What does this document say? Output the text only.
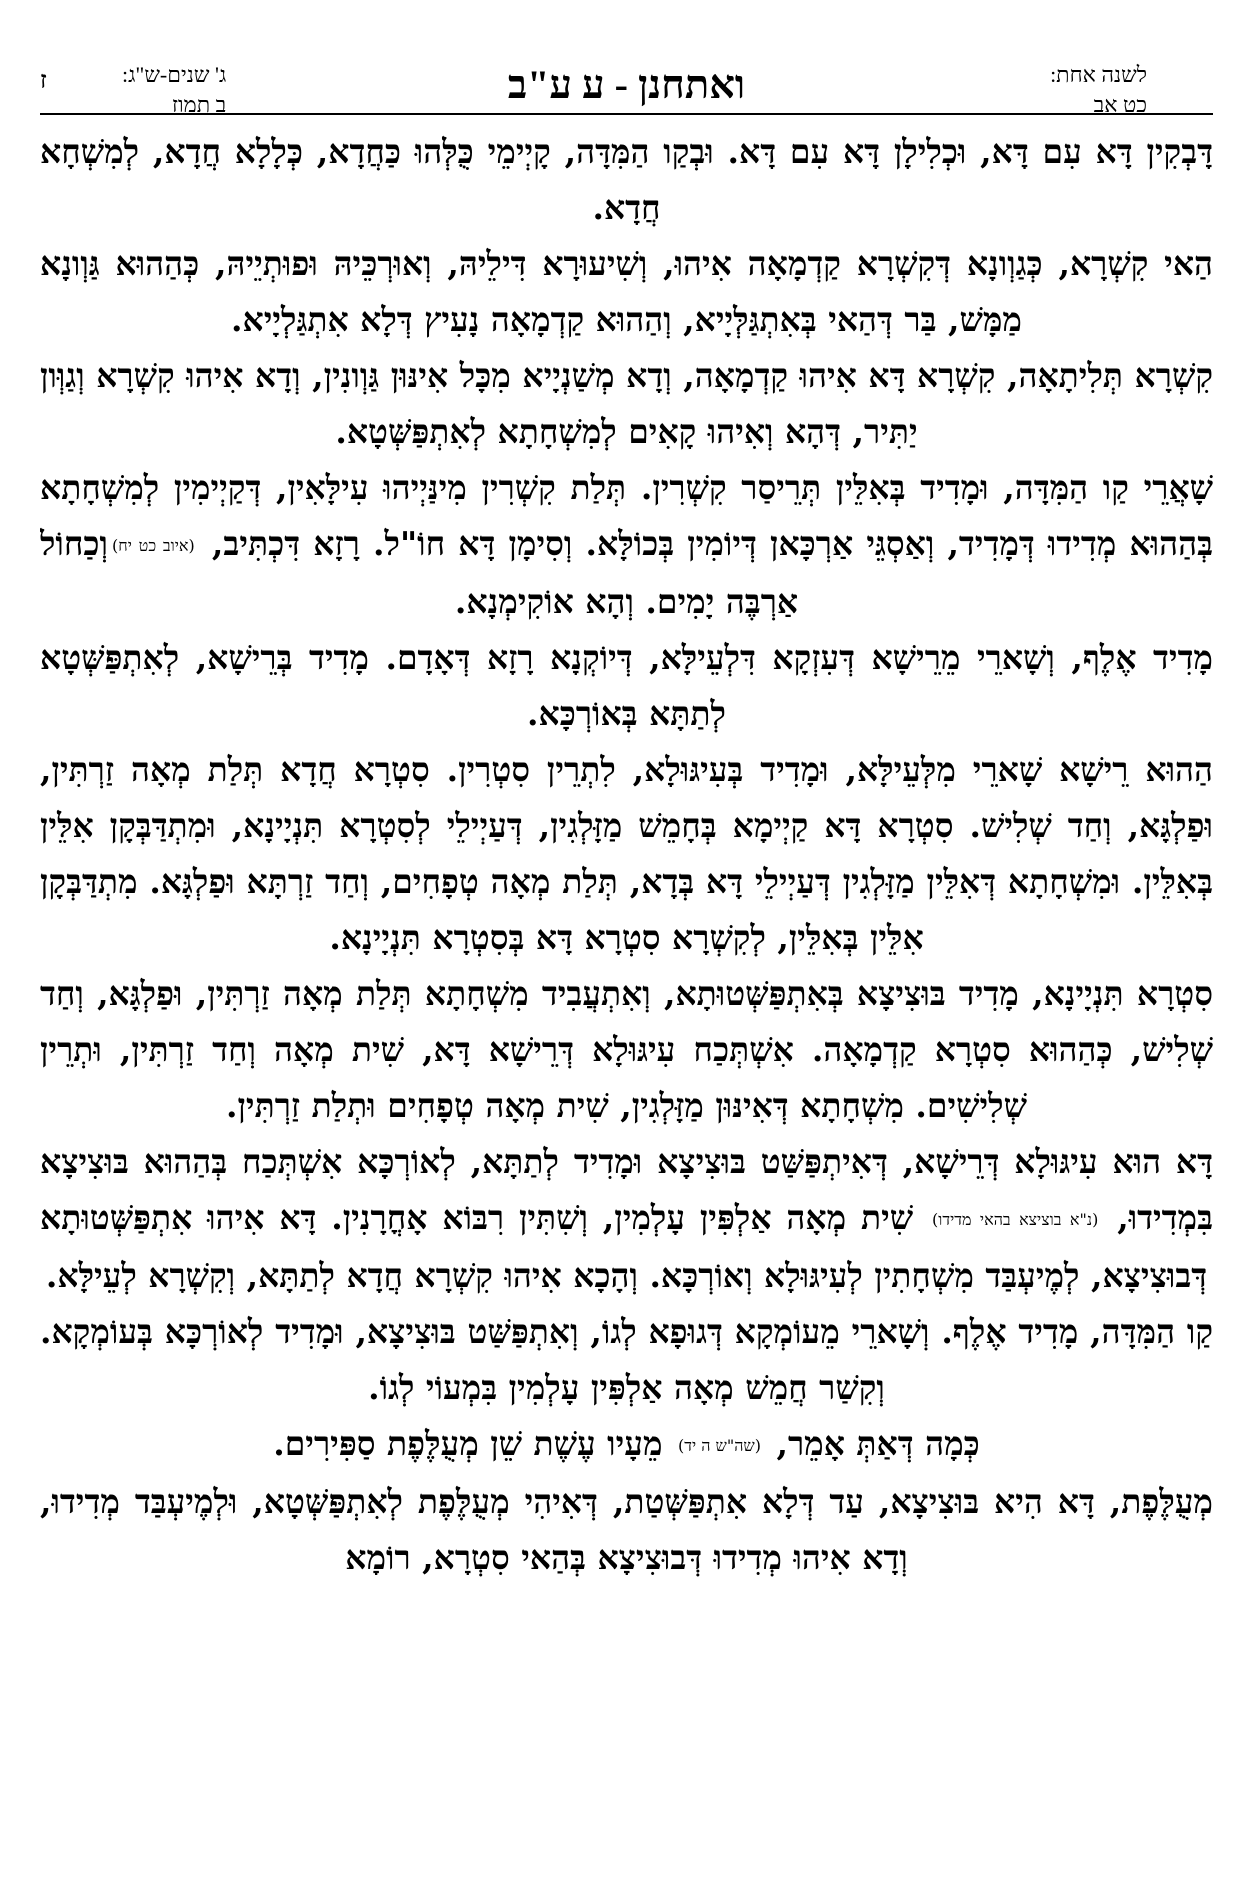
לשנה אחת:
כט אב
ואתחנן - ע ע"ב
ג' שנים-ש"ג:
ב תמוז
ז

דָּבְקִין דָּא עִם דָּא, וּכְלִילָן דָּא עִם דָּא. וּבְקַו הַמִּדָּה, קָיְימֵי כֻּלְּהוּ כַּחֲדָא, כְּלָלָא חֲדָא, לְמִשְׁחָא חֲדָא.

הַאי קִשְׁרָא, כְּגַוְונָא דְּקִשְׁרָא קַדְמָאָה אִיהוּ, וְשִׁיעוּרָא דִּילֵיהּ, וְאוּרְכֵּיהּ וּפוּתְיֵיהּ, כְּהַהוּא גַּוְונָא מַמָּשׁ, בַּר דְּהַאי בְּאִתְגַּלְּיָיא, וְהַהוּא קַדְמָאָה נָעִיץ דְּלָא אִתְגַּלְיָיא.

קִשְׁרָא תְּלִיתָאָה, קִשְׁרָא דָּא אִיהוּ קַדְמָאָה, וְדָא מְשַׁנְיָיא מִכָּל אִינּוּן גַּוְונִין, וְדָא אִיהוּ קִשְׁרָא וְגַוְּון יַתִּיר, דְּהָא וְאִיהוּ קָאִים לְמִשְׁחָתָא לְאִתְפַּשְּׁטָא.

שָׁאֲרֵי קַו הַמִּדָּה, וּמָדִיד בְּאִלֵּין תְּרֵיסַר קִשְׁרִין. תְּלַת קִשְׁרִין מִינַּיְיהוּ עִילָּאִין, דְּקַיְימִין לְמִשְׁחָתָא בְּהַהוּא מְדִידוּ דְּמָדִיד, וְאַסְגֵּי אַרְכָּאן דְּיוֹמִין בְּכוֹלָּא. וְסִימָן דָּא חוֹ"ל. רָזָא דִּכְתִּיב, (איוב כט יח)וְכַחוֹל אַרְבֶּה יָמִים. וְהָא אוֹקִימְנָא.

מָדִיד אֶלֶף, וְשָׁארֵי מֵרֵישָׁא דְּעִזְקָא דִּלְעֵילָּא, דְּיוֹקְנָא רָזָא דְּאָדָם. מָדִיד בְּרֵישָׁא, לְאִתְפַּשְּׁטָא לְתַתָּא בְּאוֹרְכָּא.

הַהוּא רֵישָׁא שָׁארֵי מִלְּעֵילָּא, וּמָדִיד בְּעִיגּוּלָא, לִתְרֵין סִטְרִין. סִטְרָא חֲדָא תְּלַת מְאָה זַרְתִּין, וּפַלְגָּא, וְחַד שְׁלִישׁ. סִטְרָא דָּא קַיְימָא בְּחָמֵשׁ מַזָּלְגִין, דְּעַיְילֵי לְסִטְרָא תִּנְיָינָא, וּמִתְדַּבְּקָן אִלֵּין בְּאִלֵּין. וּמִשְׁחָתָא דְּאִלֵּין מַזָּלְגִין דְּעַיְילֵי דָּא בְּדָא, תְּלַת מְאָה טְפָחִים, וְחַד זַרְתָּא וּפַלְגָּא. מִתְדַּבְּקָן אִלֵּין בְּאִלֵּין, לְקִשְׁרָא סִטְרָא דָּא בְּסִטְרָא תִּנְיָינָא.

סִטְרָא תִּנְיָינָא, מָדִיד בּוּצִיצָא בְּאִתְפַּשְּׁטוּתָא, וְאִתְעֲבִיד מִשְׁחָתָא תְּלַת מְאָה זַרְתִּין, וּפַלְגָּא, וְחַד שְׁלִישׁ, כְּהַהוּא סִטְרָא קַדְמָאָה. אִשְׁתְּכַח עִיגּוּלָא דְּרֵישָׁא דָּא, שִׁית מְאָה וְחַד זַרְתִּין, וּתְרֵין שְׁלִישִׁים. מִשְׁחָתָא דְּאִינּוּן מַזָּלְגִין, שִׁית מְאָה טְפָחִים וּתְלַת זַרְתִּין.

דָּא הוּא עִיגּוּלָא דְּרֵישָׁא, דְּאִיתְפַּשַּׁט בּוּצִיצָא וּמָדִיד לְתַתָּא, לְאוֹרְכָּא אִשְׁתְּכַח בְּהַהוּא בּוּצִיצָא בִּמְדִידוּ, (נ"א בוציצא בהאי מדידו) שִׁית מְאָה אַלְפִּין עָלְמִין, וְשִׁתִּין רִבּוֹא אָחֳרָנִין. דָּא אִיהוּ אִתְפַּשְּׁטוּתָא דְּבוּצִיצָא, לְמֶיעְבַּד מִשְׁחָתִין לְעִיגּוּלָא וְאוֹרְכָּא. וְהָכָא אִיהוּ קִשְׁרָא חֲדָא לְתַתָּא, וְקִשְׁרָא לְעֵילָּא.

קַו הַמִּדָּה, מָדִיד אֶלֶף. וְשָׁארֵי מֵעוֹמְקָא דְּגוּפָא לְגוֹ, וְאִתְפַּשַּׁט בּוּצִיצָא, וּמָדִיד לְאוֹרְכָּא בְּעוֹמְקָא. וְקִשַׁר חֲמֵשׁ מְאָה אַלְפִּין עָלְמִין בִּמְעוֹי לְגוֹ.

כְּמָה דְּאַתְּ אָמֵר, (שה"ש ה יד) מֵעָיו עֶשֶׁת שֵׁן מְעֻלֶּפֶת סַפִּירִים.

מְעֻלֶּפֶת, דָּא הִיא בּוּצִיצָא, עַד דְּלָא אִתְפַּשְּׁטַת, דְּאִיהִי מְעֻלֶּפֶת לְאִתְפַּשְּׁטָא, וּלְמֶיעְבַּד מְדִידוּ, וְדָא אִיהוּ מְדִידוּ דְּבוּצִיצָא בְּהַאי סִטְרָא, רוֹמָא
